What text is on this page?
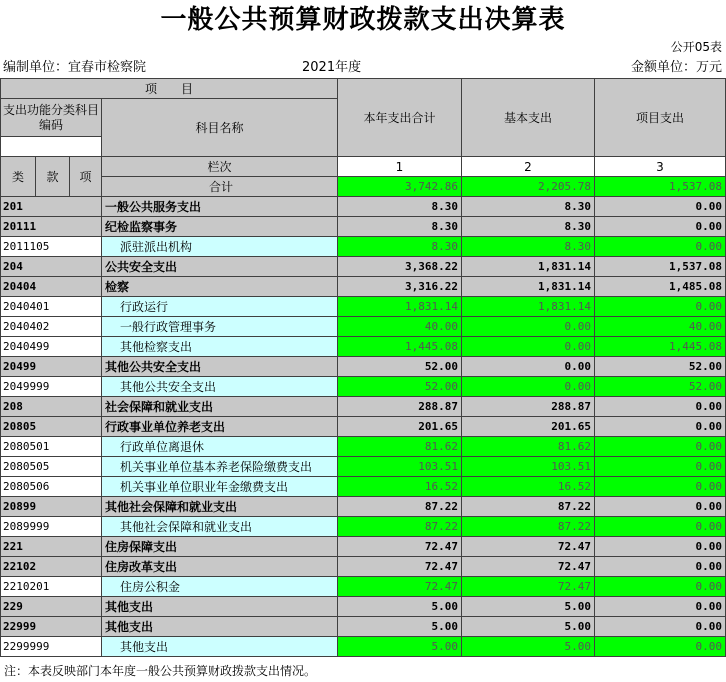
一般公共预算财政拨款支出决算表
公开05表
编制单位：宜春市检察院	2021年度	金额单位：万元
项　　目				本年支出合计	基本支出	项目支出
支出功能分类科目编码			科目名称			

类	款	项	栏次	1	2	3
			合计	3,742.86	2,205.78	1,537.08
201			一般公共服务支出	8.30	8.30	0.00
20111			纪检监察事务	8.30	8.30	0.00
2011105			派驻派出机构	8.30	8.30	0.00
204			公共安全支出	3,368.22	1,831.14	1,537.08
20404			检察	3,316.22	1,831.14	1,485.08
2040401			行政运行	1,831.14	1,831.14	0.00
2040402			一般行政管理事务	40.00	0.00	40.00
2040499			其他检察支出	1,445.08	0.00	1,445.08
20499			其他公共安全支出	52.00	0.00	52.00
2049999			其他公共安全支出	52.00	0.00	52.00
208			社会保障和就业支出	288.87	288.87	0.00
20805			行政事业单位养老支出	201.65	201.65	0.00
2080501			行政单位离退休	81.62	81.62	0.00
2080505			机关事业单位基本养老保险缴费支出	103.51	103.51	0.00
2080506			机关事业单位职业年金缴费支出	16.52	16.52	0.00
20899			其他社会保障和就业支出	87.22	87.22	0.00
2089999			其他社会保障和就业支出	87.22	87.22	0.00
221			住房保障支出	72.47	72.47	0.00
22102			住房改革支出	72.47	72.47	0.00
2210201			住房公积金	72.47	72.47	0.00
229			其他支出	5.00	5.00	0.00
22999			其他支出	5.00	5.00	0.00
2299999			其他支出	5.00	5.00	0.00
注：本表反映部门本年度一般公共预算财政拨款支出情况。
